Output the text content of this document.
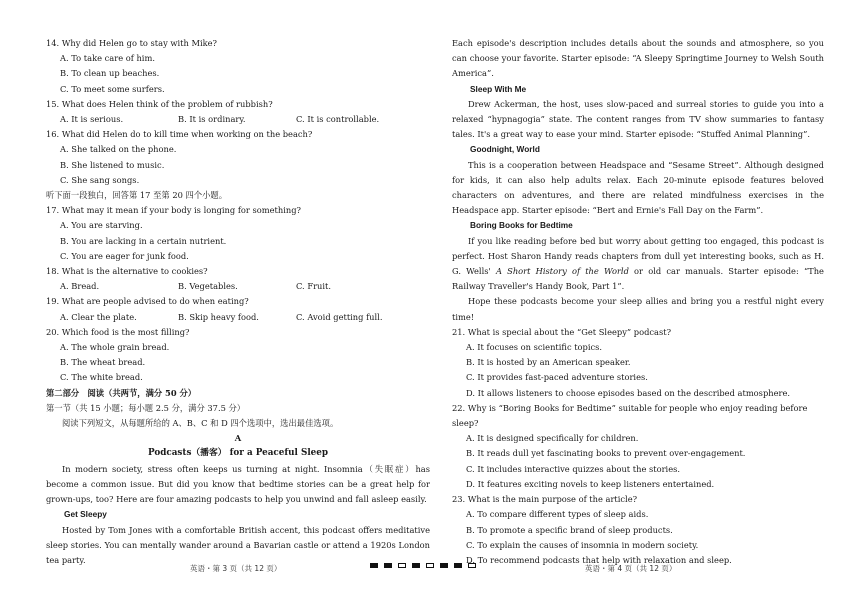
14. Why did Helen go to stay with Mike?

A. To take care of him.

B. To clean up beaches.

C. To meet some surfers.

15. What does Helen think of the problem of rubbish?

A. It is serious.	B. It is ordinary.	C. It is controllable.

16. What did Helen do to kill time when working on the beach?

A. She talked on the phone.

B. She listened to music.

C. She sang songs.

听下面一段独白，回答第 17 至第 20 四个小题。

17. What may it mean if your body is longing for something?

A. You are starving.

B. You are lacking in a certain nutrient.

C. You are eager for junk food.

18. What is the alternative to cookies?

A. Bread.	B. Vegetables.	C. Fruit.

19. What are people advised to do when eating?

A. Clear the plate.	B. Skip heavy food.	C. Avoid getting full.

20. Which food is the most filling?

A. The whole grain bread.

B. The wheat bread.

C. The white bread.

第二部分　阅读（共两节，满分 50 分）

第一节（共 15 小题；每小题 2.5 分，满分 37.5 分）

阅读下列短文，从每题所给的 A、B、C 和 D 四个选项中，选出最佳选项。

A

Podcasts（播客） for a Peaceful Sleep

In modern society, stress often keeps us turning at night. Insomnia（失眠症）has become a common issue. But did you know that bedtime stories can be a great help for grown-ups, too? Here are four amazing podcasts to help you unwind and fall asleep easily.

Get Sleepy

Hosted by Tom Jones with a comfortable British accent, this podcast offers meditative sleep stories. You can mentally wander around a Bavarian castle or attend a 1920s London tea party.

Each episode's description includes details about the sounds and atmosphere, so you can choose your favorite. Starter episode: “A Sleepy Springtime Journey to Welsh South America”.

Sleep With Me

Drew Ackerman, the host, uses slow-paced and surreal stories to guide you into a relaxed “hypnagogia” state. The content ranges from TV show summaries to fantasy tales. It's a great way to ease your mind. Starter episode: “Stuffed Animal Planning”.

Goodnight, World

This is a cooperation between Headspace and “Sesame Street”. Although designed for kids, it can also help adults relax. Each 20-minute episode features beloved characters on adventures, and there are related mindfulness exercises in the Headspace app. Starter episode: “Bert and Ernie's Fall Day on the Farm”.

Boring Books for Bedtime

If you like reading before bed but worry about getting too engaged, this podcast is perfect. Host Sharon Handy reads chapters from dull yet interesting books, such as H. G. Wells' A Short History of the World or old car manuals. Starter episode: “The Railway Traveller's Handy Book, Part 1”.

Hope these podcasts become your sleep allies and bring you a restful night every time!

21. What is special about the “Get Sleepy” podcast?

A. It focuses on scientific topics.

B. It is hosted by an American speaker.

C. It provides fast-paced adventure stories.

D. It allows listeners to choose episodes based on the described atmosphere.

22. Why is “Boring Books for Bedtime” suitable for people who enjoy reading before sleep?

A. It is designed specifically for children.

B. It reads dull yet fascinating books to prevent over-engagement.

C. It includes interactive quizzes about the stories.

D. It features exciting novels to keep listeners entertained.

23. What is the main purpose of the article?

A. To compare different types of sleep aids.

B. To promote a specific brand of sleep products.

C. To explain the causes of insomnia in modern society.

D. To recommend podcasts that help with relaxation and sleep.

英语・第 3 页（共 12 页）	英语・第 4 页（共 12 页）
